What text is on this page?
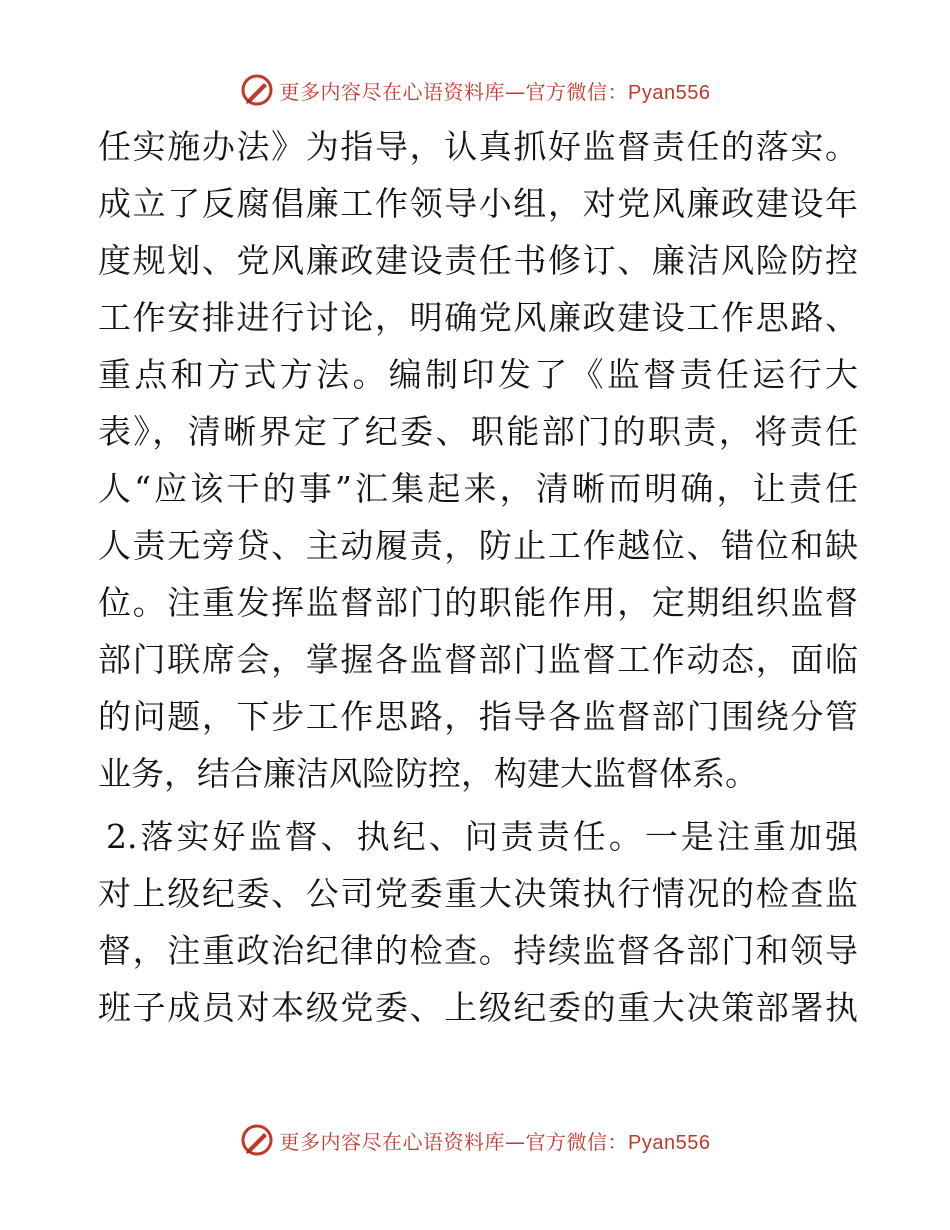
更多内容尽在心语资料库—官方微信：Pyan556
任实施办法》为指导，认真抓好监督责任的落实。
成立了反腐倡廉工作领导小组，对党风廉政建设年
度规划、党风廉政建设责任书修订、廉洁风险防控
工作安排进行讨论，明确党风廉政建设工作思路、
重点和方式方法。编制印发了《监督责任运行大
表》，清晰界定了纪委、职能部门的职责，将责任
人“应该干的事”汇集起来，清晰而明确，让责任
人责无旁贷、主动履责，防止工作越位、错位和缺
位。注重发挥监督部门的职能作用，定期组织监督
部门联席会，掌握各监督部门监督工作动态，面临
的问题，下步工作思路，指导各监督部门围绕分管
业务，结合廉洁风险防控，构建大监督体系。
2.落实好监督、执纪、问责责任。一是注重加强
对上级纪委、公司党委重大决策执行情况的检查监
督，注重政治纪律的检查。持续监督各部门和领导
班子成员对本级党委、上级纪委的重大决策部署执
更多内容尽在心语资料库—官方微信：Pyan556
